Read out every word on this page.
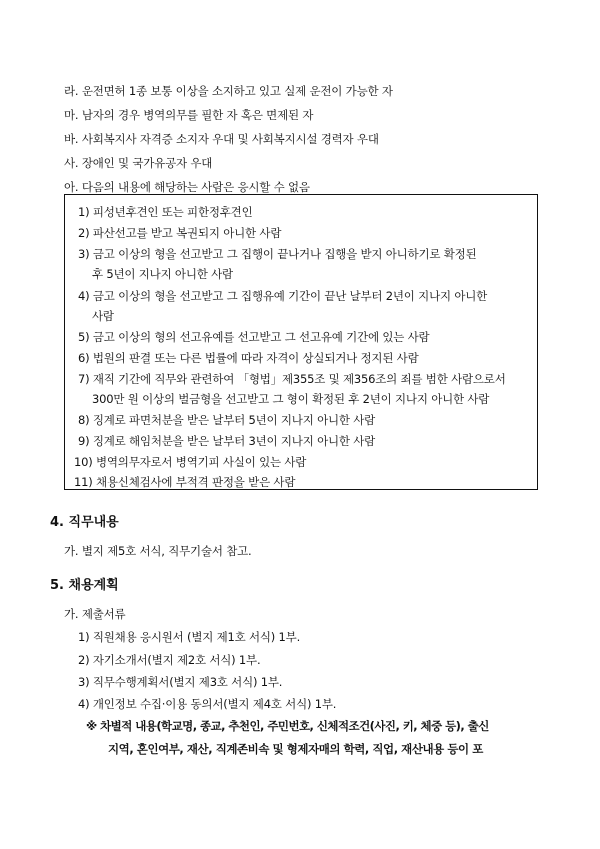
라. 운전면허 1종 보통 이상을 소지하고 있고 실제 운전이 가능한 자
마. 남자의 경우 병역의무를 필한 자 혹은 면제된 자
바. 사회복지사 자격증 소지자 우대 및 사회복지시설 경력자 우대
사. 장애인 및 국가유공자 우대
아. 다음의 내용에 해당하는 사람은 응시할 수 없음
1) 피성년후견인 또는 피한정후견인
2) 파산선고를 받고 복권되지 아니한 사람
3) 금고 이상의 형을 선고받고 그 집행이 끝나거나 집행을 받지 아니하기로 확정된
후 5년이 지나지 아니한 사람
4) 금고 이상의 형을 선고받고 그 집행유예 기간이 끝난 날부터 2년이 지나지 아니한
사람
5) 금고 이상의 형의 선고유예를 선고받고 그 선고유예 기간에 있는 사람
6) 법원의 판결 또는 다른 법률에 따라 자격이 상실되거나 정지된 사람
7) 재직 기간에 직무와 관련하여 「형법」제355조 및 제356조의 죄를 범한 사람으로서
300만 원 이상의 벌금형을 선고받고 그 형이 확정된 후 2년이 지나지 아니한 사람
8) 징계로 파면처분을 받은 날부터 5년이 지나지 아니한 사람
9) 징계로 해임처분을 받은 날부터 3년이 지나지 아니한 사람
10) 병역의무자로서 병역기피 사실이 있는 사람
11) 채용신체검사에 부적격 판정을 받은 사람
4. 직무내용
가. 별지 제5호 서식, 직무기술서 참고.
5. 채용계획
가. 제출서류
1) 직원채용 응시원서 (별지 제1호 서식) 1부.
2) 자기소개서(별지 제2호 서식) 1부.
3) 직무수행계획서(별지 제3호 서식) 1부.
4) 개인정보 수집·이용 동의서(별지 제4호 서식) 1부.
※ 차별적 내용(학교명, 종교, 추천인, 주민번호, 신체적조건(사진, 키, 체중 등), 출신
지역, 혼인여부, 재산, 직계존비속 및 형제자매의 학력, 직업, 재산내용 등이 포
